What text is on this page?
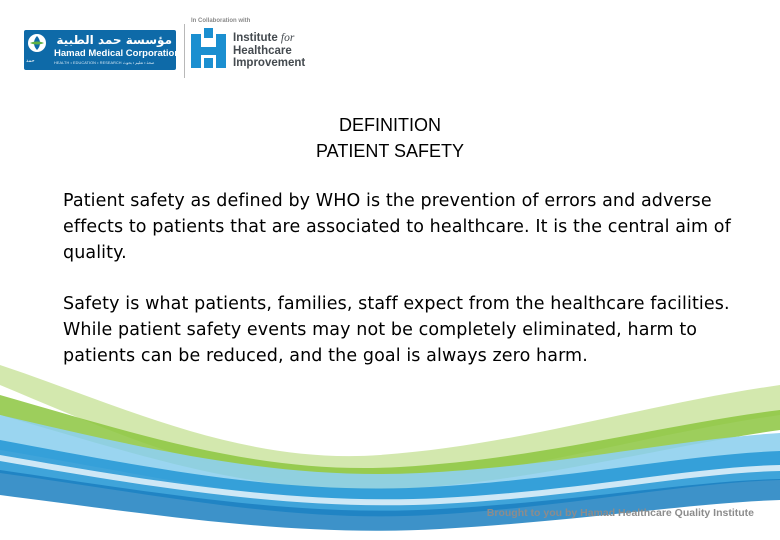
حمد
مؤسسة حمد الطبية
Hamad Medical Corporation
HEALTH • EDUCATION • RESEARCH صحة • تعليم • بحوث
In Collaboration with
Institute for
Healthcare
Improvement
DEFINITION
PATIENT SAFETY
Patient safety as defined by WHO is the prevention of errors and adverse effects to patients that are associated to healthcare. It is the central aim of quality.
Safety is what patients, families, staff expect from the healthcare facilities. While patient safety events may not be completely eliminated, harm to patients can be reduced, and the goal is always zero harm.
Brought to you by Hamad Healthcare Quality Institute
